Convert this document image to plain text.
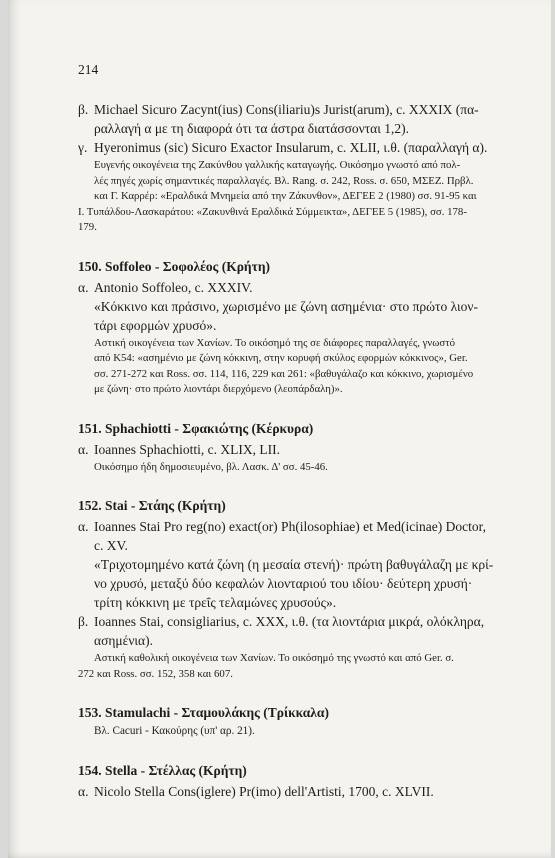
214
β. Michael Sicuro Zacynt(ius) Cons(iliariu)s Jurist(arum), c. XXXIX (πα-
ραλλαγή α με τη διαφορά ότι τα άστρα διατάσσονται 1,2).
γ. Hyeronimus (sic) Sicuro Exactor Insularum, c. XLII, ι.θ. (παραλλαγή α).
Ευγενής οικογένεια της Ζακύνθου γαλλικής καταγωγής. Οικόσημο γνωστό από πολ-
λές πηγές χωρίς σημαντικές παραλλαγές. Βλ. Rang. σ. 242, Ross. σ. 650, ΜΣΕΖ. Πρβλ.
και Γ. Καρρέρ: «Εραλδικά Μνημεία από την Ζάκυνθον», ΔΕΓΕΕ 2 (1980) σσ. 91-95 και
Ι. Τυπάλδου-Λασκαράτου: «Ζακυνθινά Εραλδικά Σύμμεικτα», ΔΕΓΕΕ 5 (1985), σσ. 178-
179.
150. Soffoleo - Σοφολέος (Κρήτη)
α. Antonio Soffoleo, c. XXXIV.
«Κόκκινο και πράσινο, χωρισμένο με ζώνη ασημένια· στο πρώτο λιον-
τάρι εφορμών χρυσό».
Αστική οικογένεια των Χανίων. Το οικόσημό της σε διάφορες παραλλαγές, γνωστό
από Κ54: «ασημένιο με ζώνη κόκκινη, στην κορυφή σκύλος εφορμών κόκκινος», Ger.
σσ. 271-272 και Ross. σσ. 114, 116, 229 και 261: «βαθυγάλαζο και κόκκινο, χωρισμένο
με ζώνη· στο πρώτο λιοντάρι διερχόμενο (λεοπάρδαλη)».
151. Sphachiotti - Σφακιώτης (Κέρκυρα)
α. Ioannes Sphachiotti, c. XLIX, LII.
Οικόσημο ήδη δημοσιευμένο, βλ. Λασκ. Δ' σσ. 45-46.
152. Stai - Στάης (Κρήτη)
α. Ioannes Stai Pro reg(no) exact(or) Ph(ilosophiae) et Med(icinae) Doctor,
c. XV.
«Τριχοτομημένο κατά ζώνη (η μεσαία στενή)· πρώτη βαθυγάλαζη με κρί-
νο χρυσό, μεταξύ δύο κεφαλών λιονταριού του ιδίου· δεύτερη χρυσή·
τρίτη κόκκινη με τρεΐς τελαμώνες χρυσούς».
β. Ioannes Stai, consigliarius, c. XXX, ι.θ. (τα λιοντάρια μικρά, ολόκληρα,
ασημένια).
Αστική καθολική οικογένεια των Χανίων. Το οικόσημό της γνωστό και από Ger. σ.
272 και Ross. σσ. 152, 358 και 607.
153. Stamulachi - Σταμουλάκης (Τρίκκαλα)
Βλ. Cacuri - Κακούρης (υπ' αρ. 21).
154. Stella - Στέλλας (Κρήτη)
α. Nicolo Stella Cons(iglere) Pr(imo) dell'Artisti, 1700, c. XLVII.
